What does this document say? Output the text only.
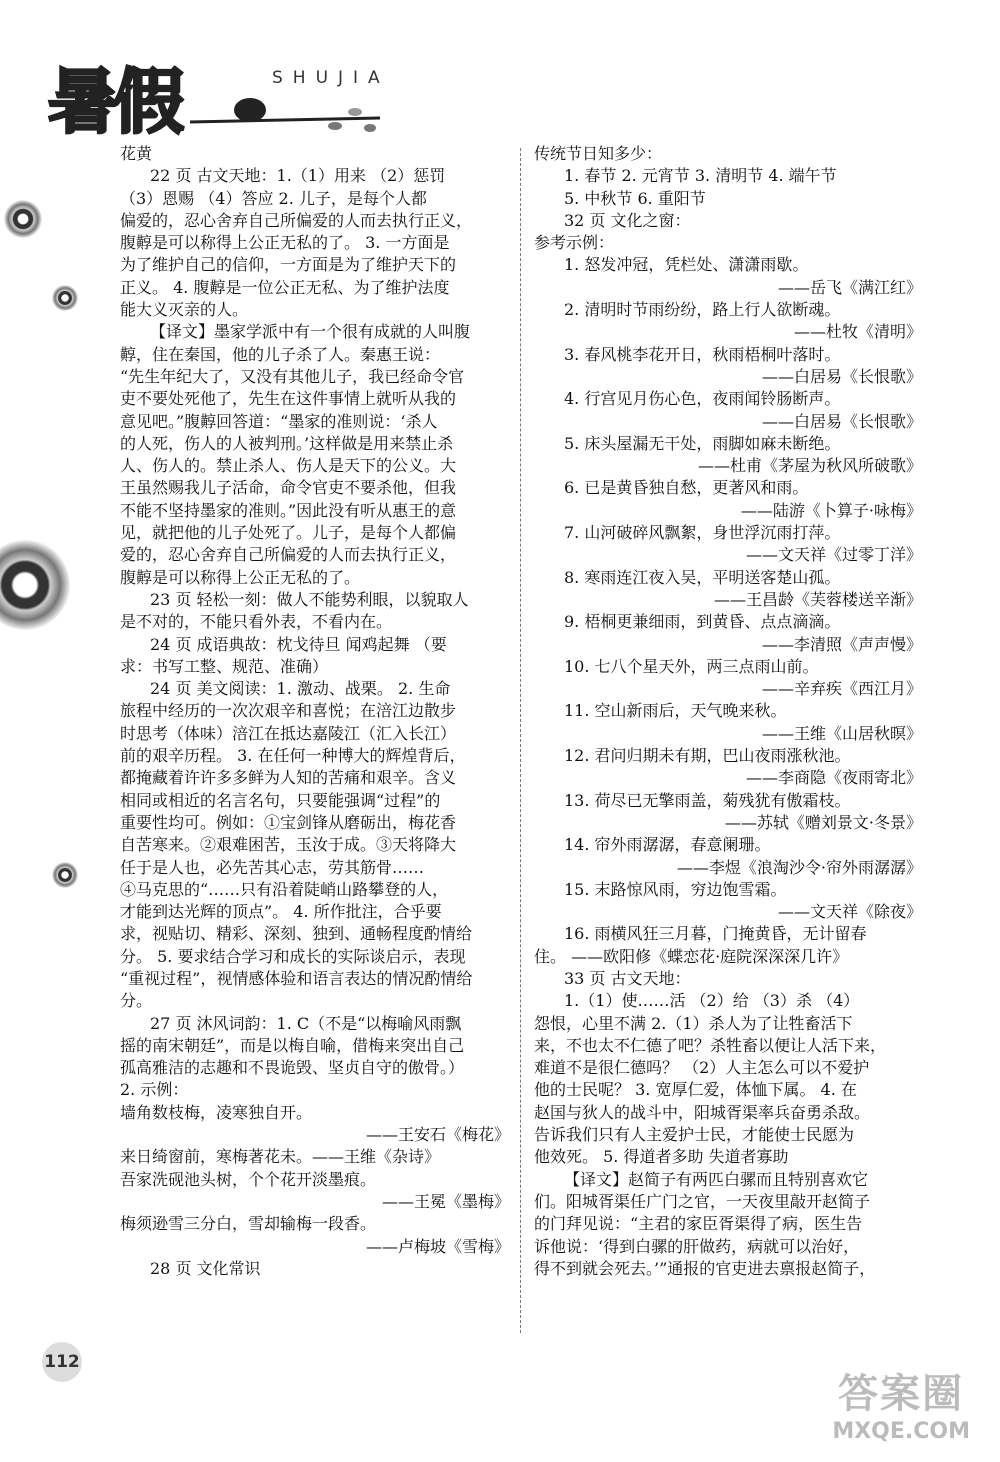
暑假	SHUJIA
花黄
22 页 古文天地：1.（1）用来 （2）惩罚
（3）恩赐 （4）答应 2. 儿子，是每个人都
偏爱的，忍心舍弃自己所偏爱的人而去执行正义，
腹䵍是可以称得上公正无私的了。 3. 一方面是
为了维护自己的信仰，一方面是为了维护天下的
正义。 4. 腹䵍是一位公正无私、为了维护法度
能大义灭亲的人。
【译文】墨家学派中有一个很有成就的人叫腹
䵍，住在秦国，他的儿子杀了人。秦惠王说：
“先生年纪大了，又没有其他儿子，我已经命令官
吏不要处死他了，先生在这件事情上就听从我的
意见吧。”腹䵍回答道：“墨家的准则说：‘杀人
的人死，伤人的人被判刑。’这样做是用来禁止杀
人、伤人的。禁止杀人、伤人是天下的公义。大
王虽然赐我儿子活命，命令官吏不要杀他，但我
不能不坚持墨家的准则。”因此没有听从惠王的意
见，就把他的儿子处死了。儿子，是每个人都偏
爱的，忍心舍弃自己所偏爱的人而去执行正义，
腹䵍是可以称得上公正无私的了。
23 页 轻松一刻：做人不能势利眼，以貌取人
是不对的，不能只看外表，不看内在。
24 页 成语典故：枕戈待旦 闻鸡起舞 （要
求：书写工整、规范、准确）
24 页 美文阅读：1. 激动、战栗。 2. 生命
旅程中经历的一次次艰辛和喜悦；在涪江边散步
时思考（体味）涪江在抵达嘉陵江（汇入长江）
前的艰辛历程。 3. 在任何一种博大的辉煌背后，
都掩藏着许许多多鲜为人知的苦痛和艰辛。含义
相同或相近的名言名句，只要能强调“过程”的
重要性均可。例如：①宝剑锋从磨砺出，梅花香
自苦寒来。②艰难困苦，玉汝于成。③天将降大
任于是人也，必先苦其心志，劳其筋骨……
④马克思的“……只有沿着陡峭山路攀登的人，
才能到达光辉的顶点”。 4. 所作批注，合乎要
求，视贴切、精彩、深刻、独到、通畅程度酌情给
分。 5. 要求结合学习和成长的实际谈启示，表现
“重视过程”，视情感体验和语言表达的情况酌情给
分。
27 页 沐风词韵：1. C（不是“以梅喻风雨飘
摇的南宋朝廷”，而是以梅自喻，借梅来突出自己
孤高雅洁的志趣和不畏诡毁、坚贞自守的傲骨。）
2. 示例：
墙角数枝梅，凌寒独自开。
——王安石《梅花》
来日绮窗前，寒梅著花未。——王维《杂诗》
吾家洗砚池头树，个个花开淡墨痕。
——王冕《墨梅》
梅须逊雪三分白，雪却输梅一段香。
——卢梅坡《雪梅》
28 页 文化常识
传统节日知多少：
1. 春节 2. 元宵节 3. 清明节 4. 端午节
5. 中秋节 6. 重阳节
32 页 文化之窗：
参考示例：
1. 怒发冲冠，凭栏处、潇潇雨歇。
——岳飞《满江红》
2. 清明时节雨纷纷，路上行人欲断魂。
——杜牧《清明》
3. 春风桃李花开日，秋雨梧桐叶落时。
——白居易《长恨歌》
4. 行宫见月伤心色，夜雨闻铃肠断声。
——白居易《长恨歌》
5. 床头屋漏无干处，雨脚如麻未断绝。
——杜甫《茅屋为秋风所破歌》
6. 已是黄昏独自愁，更著风和雨。
——陆游《卜算子·咏梅》
7. 山河破碎风飘絮，身世浮沉雨打萍。
——文天祥《过零丁洋》
8. 寒雨连江夜入吴，平明送客楚山孤。
——王昌龄《芙蓉楼送辛渐》
9. 梧桐更兼细雨，到黄昏、点点滴滴。
——李清照《声声慢》
10. 七八个星天外，两三点雨山前。
——辛弃疾《西江月》
11. 空山新雨后，天气晚来秋。
——王维《山居秋暝》
12. 君问归期未有期，巴山夜雨涨秋池。
——李商隐《夜雨寄北》
13. 荷尽已无擎雨盖，菊残犹有傲霜枝。
——苏轼《赠刘景文·冬景》
14. 帘外雨潺潺，春意阑珊。
——李煜《浪淘沙令·帘外雨潺潺》
15. 末路惊风雨，穷边饱雪霜。
——文天祥《除夜》
16. 雨横风狂三月暮，门掩黄昏，无计留春
住。 ——欧阳修《蝶恋花·庭院深深深几许》
33 页 古文天地：
1.（1）使……活 （2）给 （3）杀 （4）
怨恨，心里不满 2.（1）杀人为了让牲畜活下
来，不也太不仁德了吧？杀牲畜以便让人活下来，
难道不是很仁德吗？ （2）人主怎么可以不爱护
他的士民呢？ 3. 宽厚仁爱，体恤下属。 4. 在
赵国与狄人的战斗中，阳城胥渠率兵奋勇杀敌。
告诉我们只有人主爱护士民，才能使士民愿为
他效死。 5. 得道者多助 失道者寡助
【译文】赵简子有两匹白骡而且特别喜欢它
们。阳城胥渠任广门之官，一天夜里敲开赵简子
的门拜见说：“主君的家臣胥渠得了病，医生告
诉他说：‘得到白骡的肝做药，病就可以治好，
得不到就会死去。’”通报的官吏进去禀报赵简子，
112
答案圈
MXQE.COM
